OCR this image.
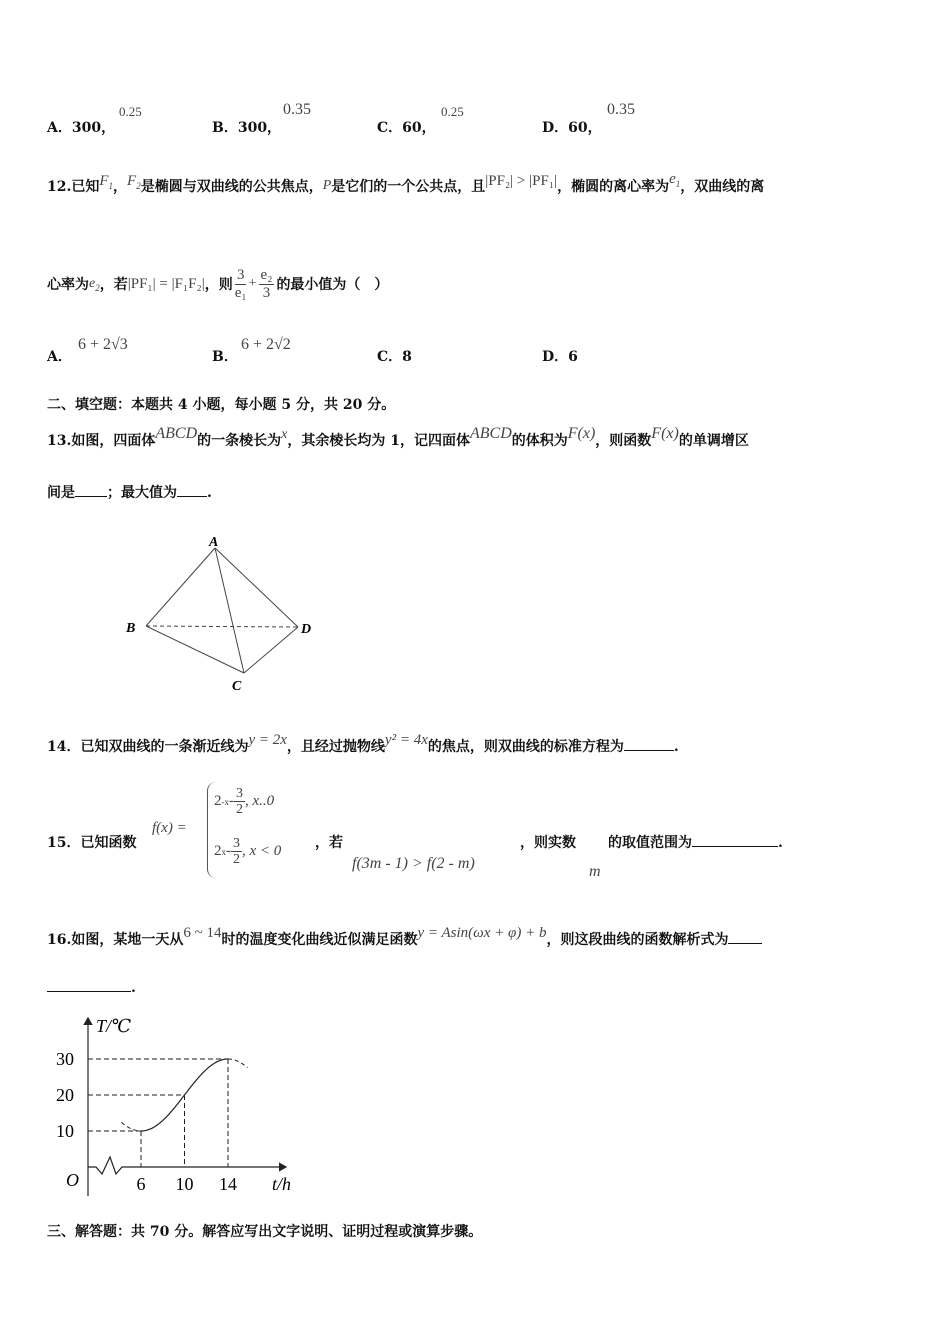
A．300，
0.25
B．300，
0.35
C．60，
0.25
D．60，
0.35
12.已知$F_1$，$F_2$是椭圆与双曲线的公共焦点，P是它们的一个公共点，且|PF₂| > |PF₁|，椭圆的离心率为$e_1$，双曲线的离
心率为 $e_2$ ，若 |PF₁| = |F₁F₂| ，则 $\frac{3}{\text{e₁}} + \frac{\text{e₂}}{3}$ 的最小值为（　）
A．
6 + 2√3
B．
6 + 2√2
C．8	D．6
二、填空题：本题共 4 小题，每小题 5 分，共 20 分。
13.如图，四面体ABCD的一条棱长为x，其余棱长均为 1，记四面体ABCD的体积为F(x)，则函数F(x)的单调增区
间是 ；最大值为 .
A
B	D
C
14．已知双曲线的一条渐近线为y = 2x，且经过抛物线y² = 4x的焦点，则双曲线的标准方程为	.
15．已知函数
f(x) =
2 $-x - \frac{3}{2}$ , x..0
2 x - $\frac{3}{2}$ , x < 0
，若
f(3m - 1) > f(2 - m)
，则实数
m
的取值范围为	.
16.如图，某地一天从6 ~ 14时的温度变化曲线近似满足函数y = Asin(ωx + φ) + b，则这段曲线的函数解析式为
.
T/℃
O	t/h
10
20
30
6 10 14
三、解答题：共 70 分。解答应写出文字说明、证明过程或演算步骤。
